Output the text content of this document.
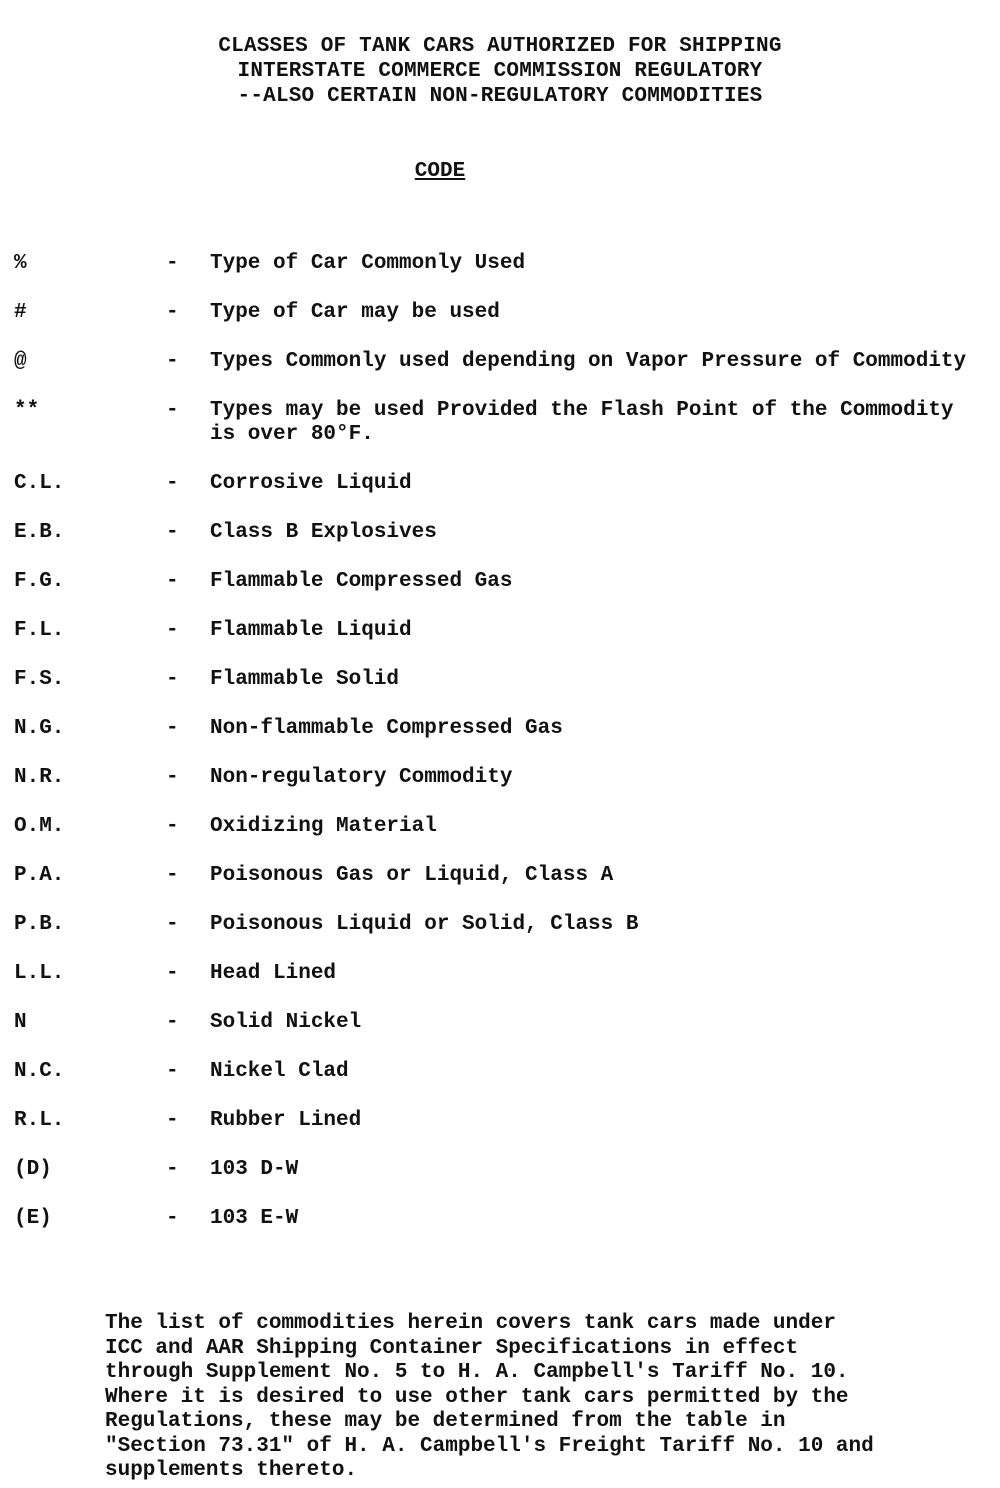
CLASSES OF TANK CARS AUTHORIZED FOR SHIPPING
INTERSTATE COMMERCE COMMISSION REGULATORY
--ALSO CERTAIN NON-REGULATORY COMMODITIES
CODE
%	-	Type of Car Commonly Used
#	-	Type of Car may be used
@	-	Types Commonly used depending on Vapor Pressure of Commodity
**	-	Types may be used Provided the Flash Point of the Commodity is over 80°F.
C.L.	-	Corrosive Liquid
E.B.	-	Class B Explosives
F.G.	-	Flammable Compressed Gas
F.L.	-	Flammable Liquid
F.S.	-	Flammable Solid
N.G.	-	Non-flammable Compressed Gas
N.R.	-	Non-regulatory Commodity
O.M.	-	Oxidizing Material
P.A.	-	Poisonous Gas or Liquid, Class A
P.B.	-	Poisonous Liquid or Solid, Class B
L.L.	-	Head Lined
N	-	Solid Nickel
N.C.	-	Nickel Clad
R.L.	-	Rubber Lined
(D)	-	103 D-W
(E)	-	103 E-W
The list of commodities herein covers tank cars made under
ICC and AAR Shipping Container Specifications in effect
through Supplement No. 5 to H. A. Campbell's Tariff No. 10.
Where it is desired to use other tank cars permitted by the
Regulations, these may be determined from the table in
"Section 73.31" of H. A. Campbell's Freight Tariff No. 10 and
supplements thereto.
